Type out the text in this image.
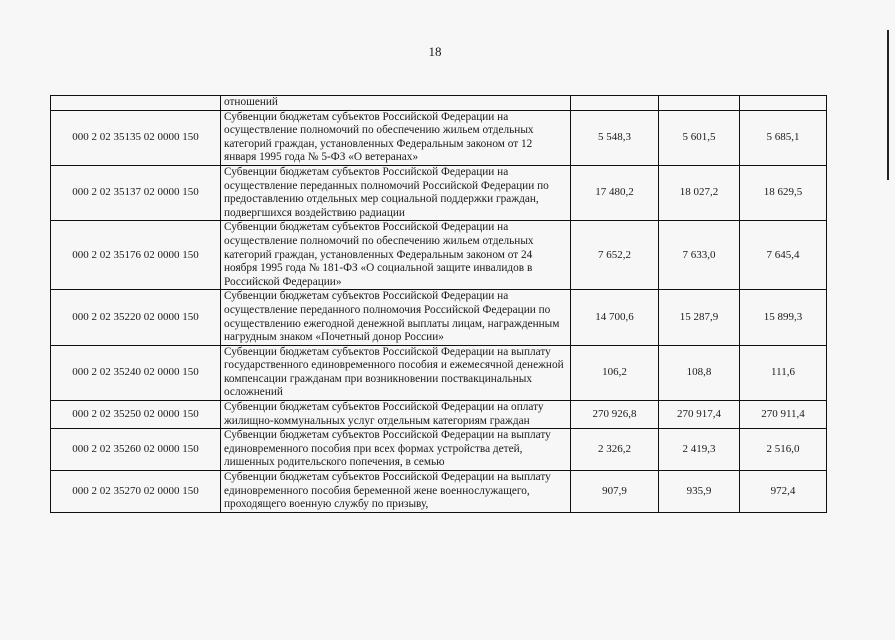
18
	отношений			
000 2 02 35135 02 0000 150	Субвенции бюджетам субъектов Российской Федерации на осуществление полномочий по обеспечению жильем отдельных категорий граждан, установленных Федеральным законом от 12 января 1995 года № 5-ФЗ «О ветеранах»	5 548,3	5 601,5	5 685,1
000 2 02 35137 02 0000 150	Субвенции бюджетам субъектов Российской Федерации на осуществление переданных полномочий Российской Федерации по предоставлению отдельных мер социальной поддержки граждан, подвергшихся воздействию радиации	17 480,2	18 027,2	18 629,5
000 2 02 35176 02 0000 150	Субвенции бюджетам субъектов Российской Федерации на осуществление полномочий по обеспечению жильем отдельных категорий граждан, установленных Федеральным законом от 24 ноября 1995 года № 181-ФЗ «О социальной защите инвалидов в Российской Федерации»	7 652,2	7 633,0	7 645,4
000 2 02 35220 02 0000 150	Субвенции бюджетам субъектов Российской Федерации на осуществление переданного полномочия Российской Федерации по осуществлению ежегодной денежной выплаты лицам, награжденным нагрудным знаком «Почетный донор России»	14 700,6	15 287,9	15 899,3
000 2 02 35240 02 0000 150	Субвенции бюджетам субъектов Российской Федерации на выплату государственного единовременного пособия и ежемесячной денежной компенсации гражданам при возникновении поствакцинальных осложнений	106,2	108,8	111,6
000 2 02 35250 02 0000 150	Субвенции бюджетам субъектов Российской Федерации на оплату жилищно-коммунальных услуг отдельным категориям граждан	270 926,8	270 917,4	270 911,4
000 2 02 35260 02 0000 150	Субвенции бюджетам субъектов Российской Федерации на выплату единовременного пособия при всех формах устройства детей, лишенных родительского попечения, в семью	2 326,2	2 419,3	2 516,0
000 2 02 35270 02 0000 150	Субвенции бюджетам субъектов Российской Федерации на выплату единовременного пособия беременной жене военнослужащего, проходящего военную службу по призыву,	907,9	935,9	972,4
